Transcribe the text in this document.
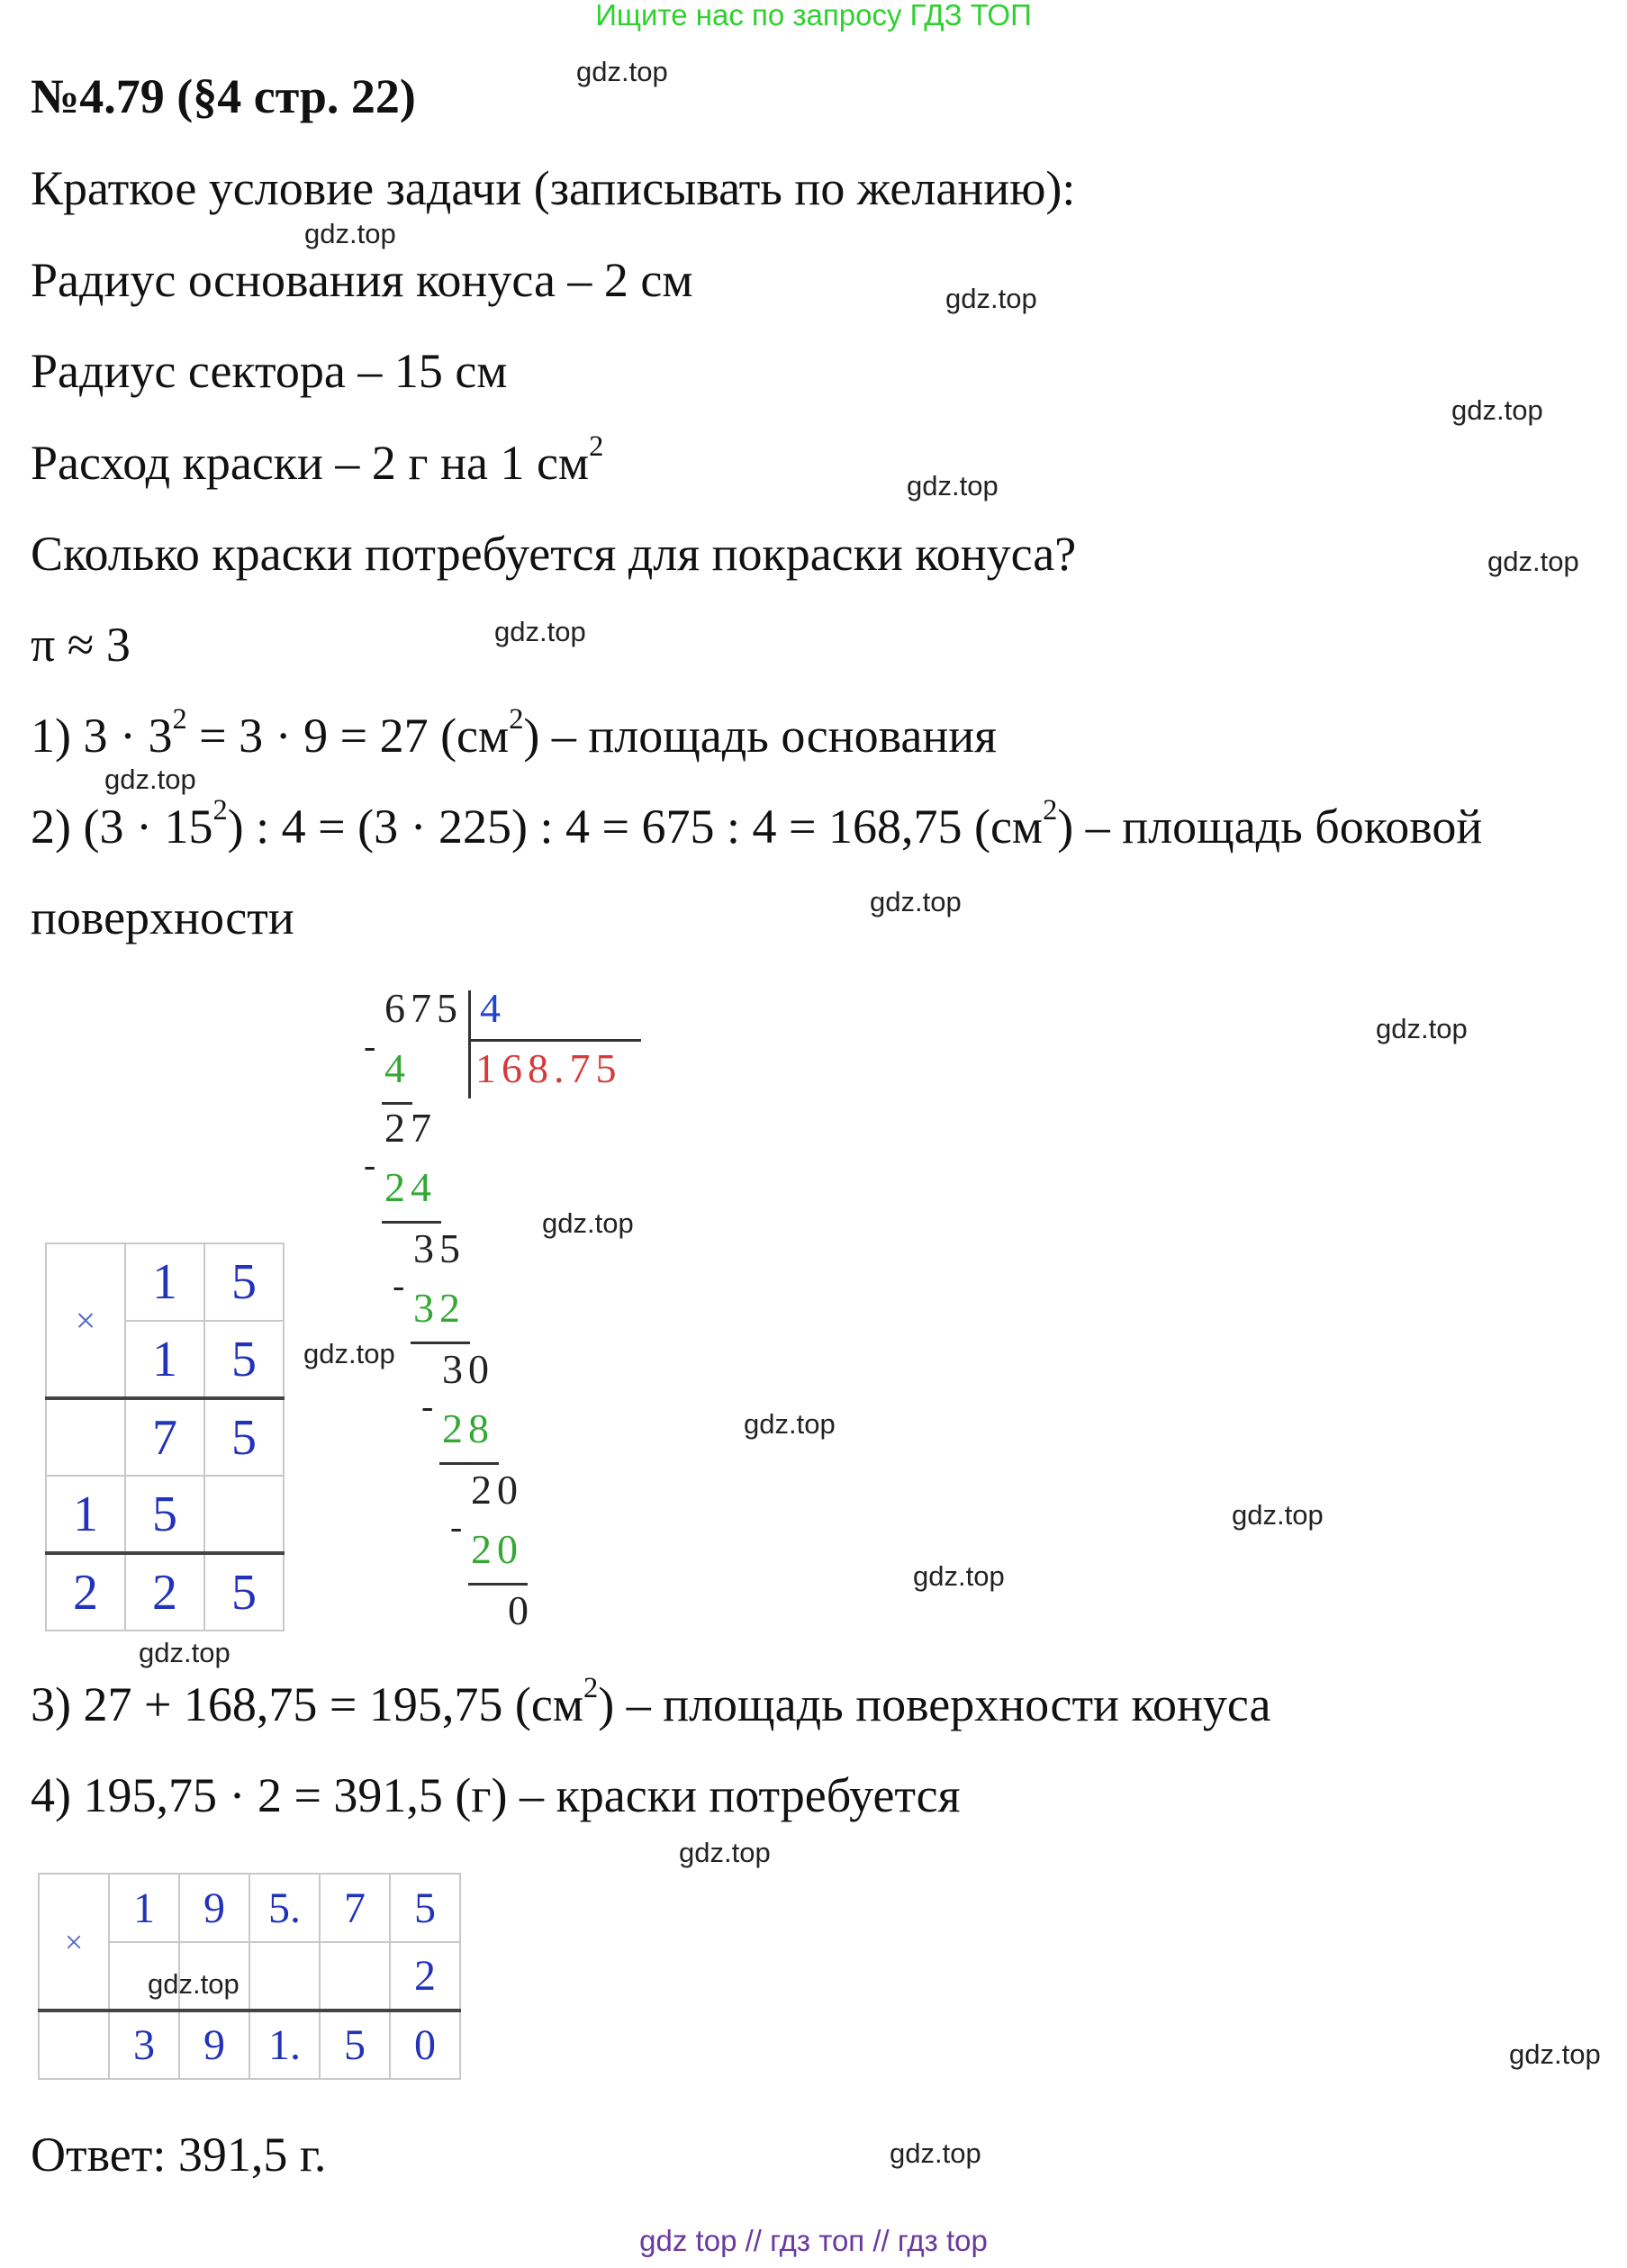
Ищите нас по запросу ГДЗ ТОП
№4.79 (§4 стр. 22)
Краткое условие задачи (записывать по желанию):
Радиус основания конуса – 2 см
Радиус сектора – 15 см
Расход краски – 2 г на 1 $см^2$
Сколько краски потребуется для покраски конуса?
π ≈ 3
1) $3 \cdot 3^2 = 3 \cdot 9 = 27$ $(см^2)$ – площадь основания
2) $(3 \cdot 15^2)$ : 4 = (3 · 225) : 4 = 675 : 4 = 168,75 $(см^2)$ – площадь боковой
поверхности
675 4
168.75
- 4
27
- 24
35
- 32
30
- 28
20
- 20
0
×	1	5
	1	5
	7	5
1	5	
2	2	5
3) 27 + 168,75 = 195,75 $(см^2)$ – площадь поверхности конуса
4) 195,75 · 2 = 391,5 (г) – краски потребуется
×	1	9	5.	7	5
					2
	3	9	1.	5	0
Ответ: 391,5 г.
gdz.top
gdz.top
gdz.top
gdz.top
gdz.top
gdz.top
gdz.top
gdz.top
gdz.top
gdz.top
gdz.top
gdz.top
gdz.top
gdz.top
gdz.top
gdz.top
gdz.top
gdz.top
gdz.top
gdz.top
gdz top // гдз топ // гдз top
